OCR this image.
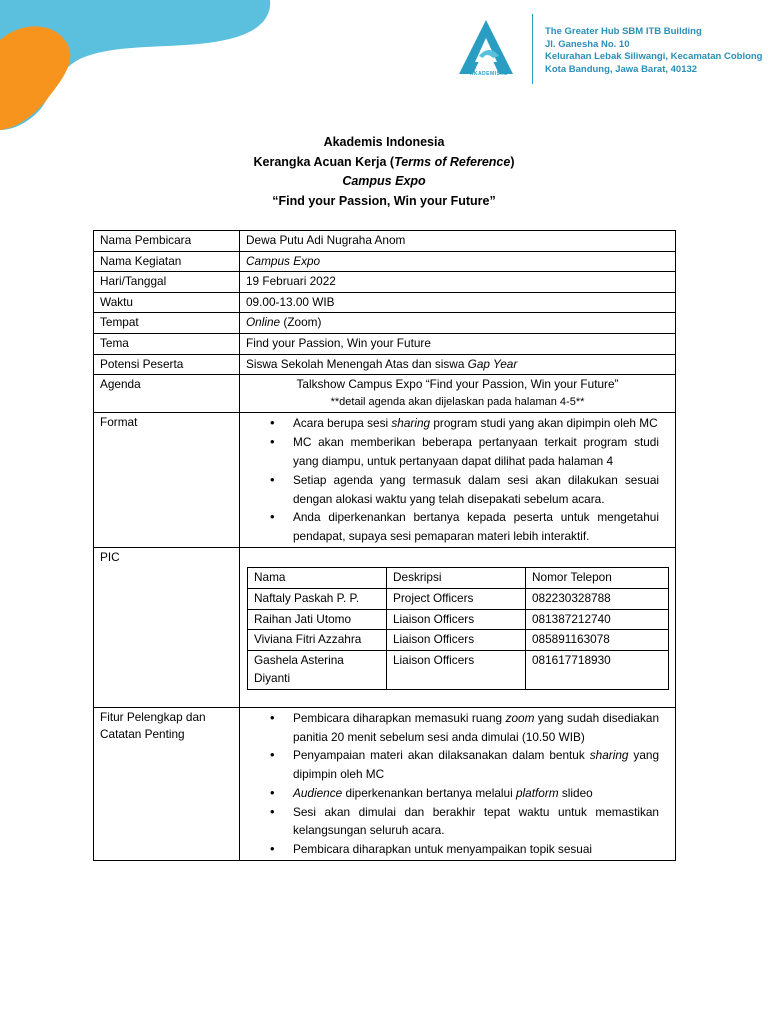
AKADEMIS.ID
The Greater Hub SBM ITB Building
Jl. Ganesha No. 10
Kelurahan Lebak Siliwangi, Kecamatan Coblong
Kota Bandung, Jawa Barat, 40132
Akademis Indonesia
Kerangka Acuan Kerja (Terms of Reference)
Campus Expo
“Find your Passion, Win your Future”
Nama Pembicara	Dewa Putu Adi Nugraha Anom
Nama Kegiatan	Campus Expo
Hari/Tanggal	19 Februari 2022
Waktu	09.00-13.00 WIB
Tempat	Online (Zoom)
Tema	Find your Passion, Win your Future
Potensi Peserta	Siswa Sekolah Menengah Atas dan siswa Gap Year
Agenda	Talkshow Campus Expo “Find your Passion, Win your Future”
**detail agenda akan dijelaskan pada halaman 4-5**

Format	• Acara berupa sesi sharing program studi yang akan dipimpin oleh MC
• MC akan memberikan beberapa pertanyaan terkait program studi yang diampu, untuk pertanyaan dapat dilihat pada halaman 4
• Setiap agenda yang termasuk dalam sesi akan dilakukan sesuai dengan alokasi waktu yang telah disepakati sebelum acara.
• Anda diperkenankan bertanya kepada peserta untuk mengetahui pendapat, supaya sesi pemaparan materi lebih interaktif.

PIC	
Nama	Deskripsi	Nomor Telepon
Naftaly Paskah P. P.	Project Officers	082230328788
Raihan Jati Utomo	Liaison Officers	081387212740
Viviana Fitri Azzahra	Liaison Officers	085891163078
Gashela Asterina Diyanti	Liaison Officers	081617718930

Fitur Pelengkap dan
Catatan Penting

• Pembicara diharapkan memasuki ruang zoom yang sudah disediakan panitia 20 menit sebelum sesi anda dimulai (10.50 WIB)
• Penyampaian materi akan dilaksanakan dalam bentuk sharing yang dipimpin oleh MC
• Audience diperkenankan bertanya melalui platform slideo
• Sesi akan dimulai dan berakhir tepat waktu untuk memastikan kelangsungan seluruh acara.
• Pembicara diharapkan untuk menyampaikan topik sesuai
